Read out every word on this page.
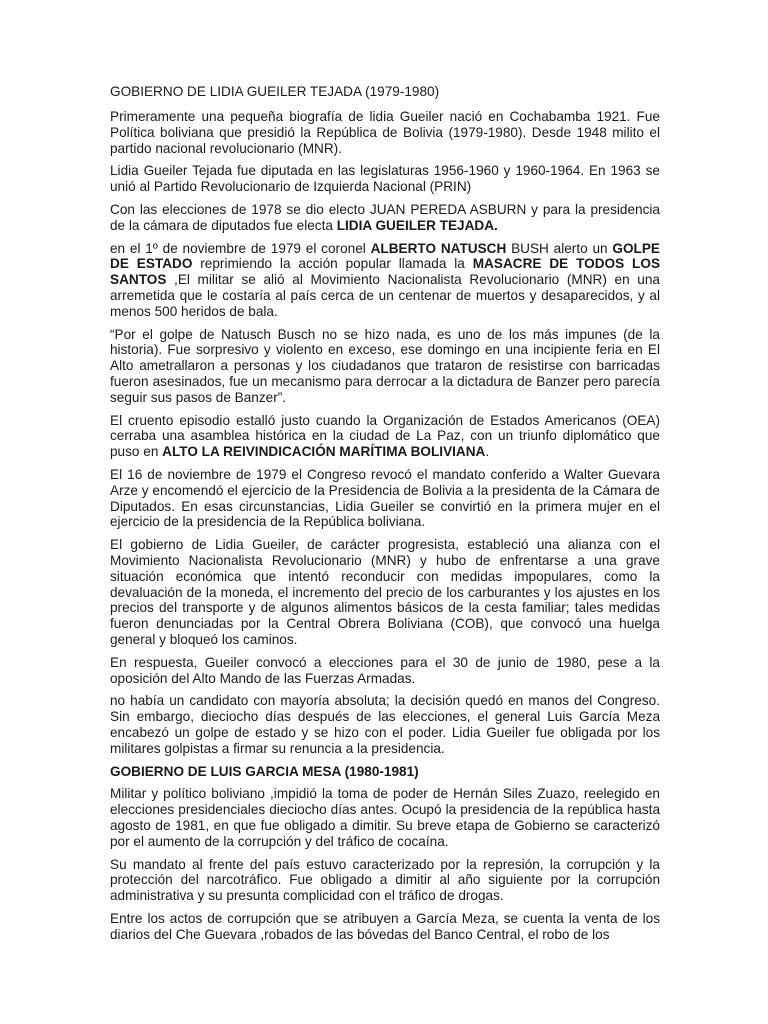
GOBIERNO DE LIDIA GUEILER TEJADA (1979-1980)

Primeramente una pequeña biografía de lidia Gueiler nació en Cochabamba 1921. Fue Política boliviana que presidió la República de Bolivia (1979-1980). Desde 1948 milito el partido nacional revolucionario (MNR).

Lidia Gueiler Tejada fue diputada en las legislaturas 1956-1960 y 1960-1964. En 1963 se unió al Partido Revolucionario de Izquierda Nacional (PRIN)

Con las elecciones de 1978 se dio electo JUAN PEREDA ASBURN y para la presidencia de la cámara de diputados fue electa LIDIA GUEILER TEJADA.

en el 1º de noviembre de 1979 el coronel ALBERTO NATUSCH BUSH alerto un GOLPE DE ESTADO reprimiendo la acción popular llamada la MASACRE DE TODOS LOS SANTOS ,El militar se alió al Movimiento Nacionalista Revolucionario (MNR) en una arremetida que le costaría al país cerca de un centenar de muertos y desaparecidos, y al menos 500 heridos de bala.

“Por el golpe de Natusch Busch no se hizo nada, es uno de los más impunes (de la historia). Fue sorpresivo y violento en exceso, ese domingo en una incipiente feria en El Alto ametrallaron a personas y los ciudadanos que trataron de resistirse con barricadas fueron asesinados, fue un mecanismo para derrocar a la dictadura de Banzer pero parecía seguir sus pasos de Banzer”.

El cruento episodio estalló justo cuando la Organización de Estados Americanos (OEA) cerraba una asamblea histórica en la ciudad de La Paz, con un triunfo diplomático que puso en ALTO LA REIVINDICACIÓN MARÍTIMA BOLIVIANA.

El 16 de noviembre de 1979 el Congreso revocó el mandato conferido a Walter Guevara Arze y encomendó el ejercicio de la Presidencia de Bolivia a la presidenta de la Cámara de Diputados. En esas circunstancias, Lidia Gueiler se convirtió en la primera mujer en el ejercicio de la presidencia de la República boliviana.

El gobierno de Lidia Gueiler, de carácter progresista, estableció una alianza con el Movimiento Nacionalista Revolucionario (MNR) y hubo de enfrentarse a una grave situación económica que intentó reconducir con medidas impopulares, como la devaluación de la moneda, el incremento del precio de los carburantes y los ajustes en los precios del transporte y de algunos alimentos básicos de la cesta familiar; tales medidas fueron denunciadas por la Central Obrera Boliviana (COB), que convocó una huelga general y bloqueó los caminos.

En respuesta, Gueiler convocó a elecciones para el 30 de junio de 1980, pese a la oposición del Alto Mando de las Fuerzas Armadas.

no había un candidato con mayoría absoluta; la decisión quedó en manos del Congreso. Sin embargo, dieciocho días después de las elecciones, el general Luis García Meza encabezó un golpe de estado y se hizo con el poder. Lidia Gueiler fue obligada por los militares golpistas a firmar su renuncia a la presidencia.

GOBIERNO DE LUIS GARCIA MESA (1980-1981)

Militar y político boliviano ,impidió la toma de poder de Hernán Siles Zuazo, reelegido en elecciones presidenciales dieciocho días antes. Ocupó la presidencia de la república hasta agosto de 1981, en que fue obligado a dimitir. Su breve etapa de Gobierno se caracterizó por el aumento de la corrupción y del tráfico de cocaína.

Su mandato al frente del país estuvo caracterizado por la represión, la corrupción y la protección del narcotráfico. Fue obligado a dimitir al año siguiente por la corrupción administrativa y su presunta complicidad con el tráfico de drogas.

Entre los actos de corrupción que se atribuyen a García Meza, se cuenta la venta de los diarios del Che Guevara ,robados de las bóvedas del Banco Central, el robo de los
